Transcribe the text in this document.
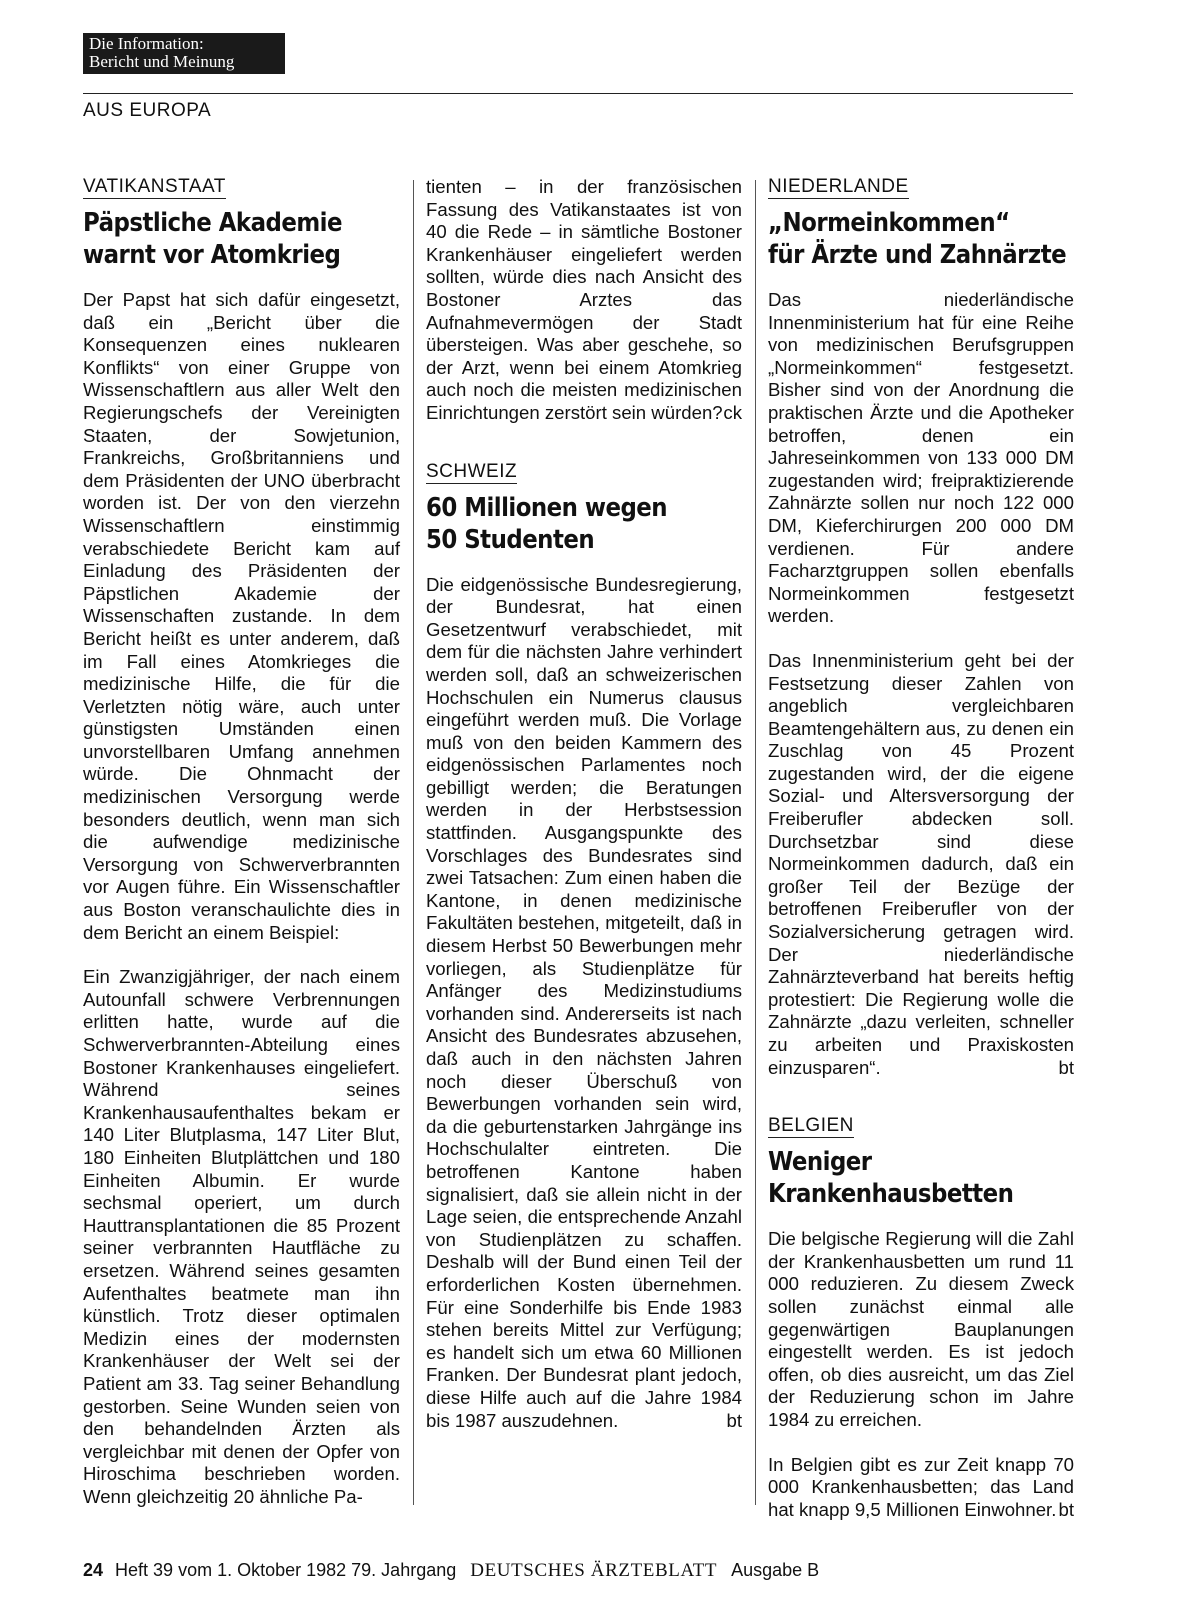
Die Information:
Bericht und Meinung
AUS EUROPA
VATIKANSTAAT
Päpstliche Akademie
warnt vor Atomkrieg

Der Papst hat sich dafür eingesetzt, daß ein „Bericht über die Konsequenzen eines nuklearen Konflikts“ von einer Gruppe von Wissenschaftlern aus aller Welt den Regierungschefs der Vereinigten Staaten, der Sowjetunion, Frankreichs, Großbritanniens und dem Präsidenten der UNO überbracht worden ist. Der von den vierzehn Wissenschaftlern einstimmig verabschiedete Bericht kam auf Einladung des Präsidenten der Päpstlichen Akademie der Wissenschaften zustande. In dem Bericht heißt es unter anderem, daß im Fall eines Atomkrieges die medizinische Hilfe, die für die Verletzten nötig wäre, auch unter günstigsten Umständen einen unvorstellbaren Umfang annehmen würde. Die Ohnmacht der medizinischen Versorgung werde besonders deutlich, wenn man sich die aufwendige medizinische Versorgung von Schwerverbrannten vor Augen führe. Ein Wissenschaftler aus Boston veranschaulichte dies in dem Bericht an einem Beispiel:

Ein Zwanzigjähriger, der nach einem Autounfall schwere Verbrennungen erlitten hatte, wurde auf die Schwerverbrannten-Abteilung eines Bostoner Krankenhauses eingeliefert. Während seines Krankenhausaufenthaltes bekam er 140 Liter Blutplasma, 147 Liter Blut, 180 Einheiten Blutplättchen und 180 Einheiten Albumin. Er wurde sechsmal operiert, um durch Hauttransplantationen die 85 Prozent seiner verbrannten Hautfläche zu ersetzen. Während seines gesamten Aufenthaltes beatmete man ihn künstlich. Trotz dieser optimalen Medizin eines der modernsten Krankenhäuser der Welt sei der Patient am 33. Tag seiner Behandlung gestorben. Seine Wunden seien von den behandelnden Ärzten als vergleichbar mit denen der Opfer von Hiroschima beschrieben worden. Wenn gleichzeitig 20 ähnliche Pa-

tienten – in der französischen Fassung des Vatikanstaates ist von 40 die Rede – in sämtliche Bostoner Krankenhäuser eingeliefert werden sollten, würde dies nach Ansicht des Bostoner Arztes das Aufnahmevermögen der Stadt übersteigen. Was aber geschehe, so der Arzt, wenn bei einem Atomkrieg auch noch die meisten medizinischen Einrichtungen zerstört sein würden? ck

SCHWEIZ
60 Millionen wegen
50 Studenten

Die eidgenössische Bundesregierung, der Bundesrat, hat einen Gesetzentwurf verabschiedet, mit dem für die nächsten Jahre verhindert werden soll, daß an schweizerischen Hochschulen ein Numerus clausus eingeführt werden muß. Die Vorlage muß von den beiden Kammern des eidgenössischen Parlamentes noch gebilligt werden; die Beratungen werden in der Herbstsession stattfinden. Ausgangspunkte des Vorschlages des Bundesrates sind zwei Tatsachen: Zum einen haben die Kantone, in denen medizinische Fakultäten bestehen, mitgeteilt, daß in diesem Herbst 50 Bewerbungen mehr vorliegen, als Studienplätze für Anfänger des Medizinstudiums vorhanden sind. Andererseits ist nach Ansicht des Bundesrates abzusehen, daß auch in den nächsten Jahren noch dieser Überschuß von Bewerbungen vorhanden sein wird, da die geburtenstarken Jahrgänge ins Hochschulalter eintreten. Die betroffenen Kantone haben signalisiert, daß sie allein nicht in der Lage seien, die entsprechende Anzahl von Studienplätzen zu schaffen. Deshalb will der Bund einen Teil der erforderlichen Kosten übernehmen. Für eine Sonderhilfe bis Ende 1983 stehen bereits Mittel zur Verfügung; es handelt sich um etwa 60 Millionen Franken. Der Bundesrat plant jedoch, diese Hilfe auch auf die Jahre 1984 bis 1987 auszudehnen.	bt

NIEDERLANDE
„Normeinkommen“
für Ärzte und Zahnärzte

Das niederländische Innenministerium hat für eine Reihe von medizinischen Berufsgruppen „Normeinkommen“ festgesetzt. Bisher sind von der Anordnung die praktischen Ärzte und die Apotheker betroffen, denen ein Jahreseinkommen von 133 000 DM zugestanden wird; freipraktizierende Zahnärzte sollen nur noch 122 000 DM, Kieferchirurgen 200 000 DM verdienen. Für andere Facharztgruppen sollen ebenfalls Normeinkommen festgesetzt werden.

Das Innenministerium geht bei der Festsetzung dieser Zahlen von angeblich vergleichbaren Beamtengehältern aus, zu denen ein Zuschlag von 45 Prozent zugestanden wird, der die eigene Sozial- und Altersversorgung der Freiberufler abdecken soll. Durchsetzbar sind diese Normeinkommen dadurch, daß ein großer Teil der Bezüge der betroffenen Freiberufler von der Sozialversicherung getragen wird. Der niederländische Zahnärzteverband hat bereits heftig protestiert: Die Regierung wolle die Zahnärzte „dazu verleiten, schneller zu arbeiten und Praxiskosten einzusparen“.	bt

BELGIEN
Weniger
Krankenhausbetten

Die belgische Regierung will die Zahl der Krankenhausbetten um rund 11 000 reduzieren. Zu diesem Zweck sollen zunächst einmal alle gegenwärtigen Bauplanungen eingestellt werden. Es ist jedoch offen, ob dies ausreicht, um das Ziel der Reduzierung schon im Jahre 1984 zu erreichen.

In Belgien gibt es zur Zeit knapp 70 000 Krankenhausbetten; das Land hat knapp 9,5 Millionen Einwohner. bt

24 Heft 39 vom 1. Oktober 1982 79. Jahrgang DEUTSCHES ÄRZTEBLATT Ausgabe B
